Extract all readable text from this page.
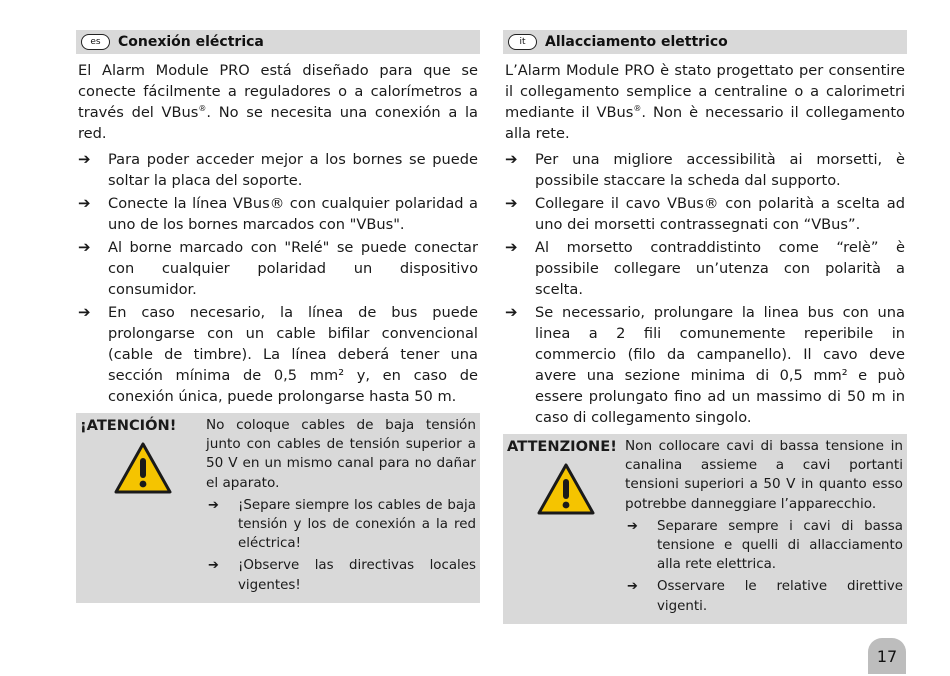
es	Conexión eléctrica

El Alarm Module PRO está diseñado para que se conecte fácilmente a reguladores o a calorímetros a través del VBus®. No se necesita una conexión a la red.

➔	Para poder acceder mejor a los bornes se puede soltar la placa del soporte.
➔	Conecte la línea VBus® con cualquier polaridad a uno de los bornes marcados con "VBus".
➔	Al borne marcado con "Relé" se puede conectar con cualquier polaridad un dispositivo consumidor.
➔	En caso necesario, la línea de bus puede prolongarse con un cable bifilar convencional (cable de timbre). La línea deberá tener una sección mínima de 0,5 mm² y, en caso de conexión única, puede prolongarse hasta 50 m.
¡ATENCIÓN!	No coloque cables de baja tensión junto con cables de tensión superior a 50 V en un mismo canal para no dañar el aparato.
➔	¡Separe siempre los cables de baja tensión y los de conexión a la red eléctrica!
➔	¡Observe las directivas locales vigentes!
it	Allacciamento elettrico

L’Alarm Module PRO è stato progettato per consentire il collegamento semplice a centraline o a calorimetri mediante il VBus®. Non è necessario il collegamento alla rete.

➔	Per una migliore accessibilità ai morsetti, è possibile staccare la scheda dal supporto.
➔	Collegare il cavo VBus® con polarità a scelta ad uno dei morsetti contrassegnati con “VBus”.
➔	Al morsetto contraddistinto come “relè” è possibile collegare un’utenza con polarità a scelta.
➔	Se necessario, prolungare la linea bus con una linea a 2 fili comunemente reperibile in commercio (filo da campanello). Il cavo deve avere una sezione minima di 0,5 mm² e può essere prolungato fino ad un massimo di 50 m in caso di collegamento singolo.
ATTENZIONE! Non collocare cavi di bassa tensione in canalina assieme a cavi portanti tensioni superiori a 50 V in quanto esso potrebbe danneggiare l’apparecchio.
➔	Separare sempre i cavi di bassa tensione e quelli di allacciamento alla rete elettrica.
➔	Osservare le relative direttive vigenti.
17
